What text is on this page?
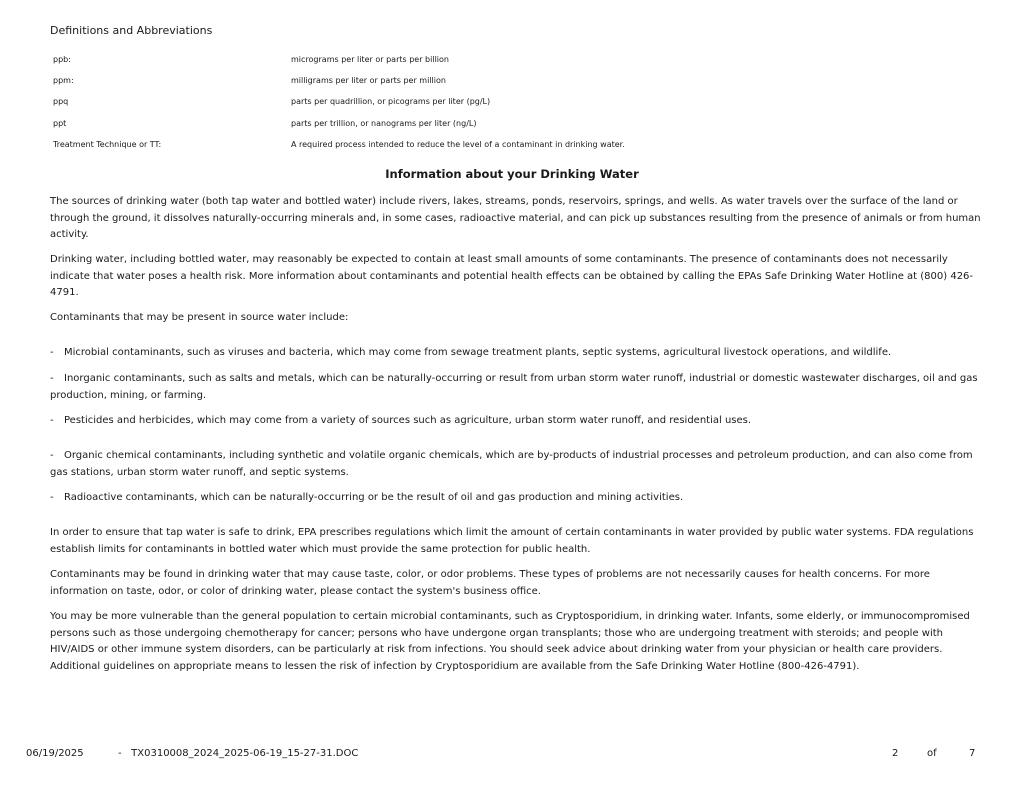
Definitions and Abbreviations
ppb:	micrograms per liter or parts per billion
ppm:	milligrams per liter or parts per million
ppq	parts per quadrillion, or picograms per liter (pg/L)
ppt	parts per trillion, or nanograms per liter (ng/L)
Treatment Technique or TT:	A required process intended to reduce the level of a contaminant in drinking water.
Information about your Drinking Water

The sources of drinking water (both tap water and bottled water) include rivers, lakes, streams, ponds, reservoirs, springs, and wells. As water travels over the surface of the land or through the ground, it dissolves naturally-occurring minerals and, in some cases, radioactive material, and can pick up substances resulting from the presence of animals or from human activity.

Drinking water, including bottled water, may reasonably be expected to contain at least small amounts of some contaminants. The presence of contaminants does not necessarily indicate that water poses a health risk. More information about contaminants and potential health effects can be obtained by calling the EPAs Safe Drinking Water Hotline at (800) 426-4791.

Contaminants that may be present in source water include:

- Microbial contaminants, such as viruses and bacteria, which may come from sewage treatment plants, septic systems, agricultural livestock operations, and wildlife.

- Inorganic contaminants, such as salts and metals, which can be naturally-occurring or result from urban storm water runoff, industrial or domestic wastewater discharges, oil and gas production, mining, or farming.

- Pesticides and herbicides, which may come from a variety of sources such as agriculture, urban storm water runoff, and residential uses.

- Organic chemical contaminants, including synthetic and volatile organic chemicals, which are by-products of industrial processes and petroleum production, and can also come from gas stations, urban storm water runoff, and septic systems.

- Radioactive contaminants, which can be naturally-occurring or be the result of oil and gas production and mining activities.

In order to ensure that tap water is safe to drink, EPA prescribes regulations which limit the amount of certain contaminants in water provided by public water systems. FDA regulations establish limits for contaminants in bottled water which must provide the same protection for public health.

Contaminants may be found in drinking water that may cause taste, color, or odor problems. These types of problems are not necessarily causes for health concerns. For more information on taste, odor, or color of drinking water, please contact the system's business office.

You may be more vulnerable than the general population to certain microbial contaminants, such as Cryptosporidium, in drinking water. Infants, some elderly, or immunocompromised persons such as those undergoing chemotherapy for cancer; persons who have undergone organ transplants; those who are undergoing treatment with steroids; and people with HIV/AIDS or other immune system disorders, can be particularly at risk from infections. You should seek advice about drinking water from your physician or health care providers. Additional guidelines on appropriate means to lessen the risk of infection by Cryptosporidium are available from the Safe Drinking Water Hotline (800-426-4791).

06/19/2025	-   TX0310008_2024_2025-06-19_15-27-31.DOC	2	of	7
